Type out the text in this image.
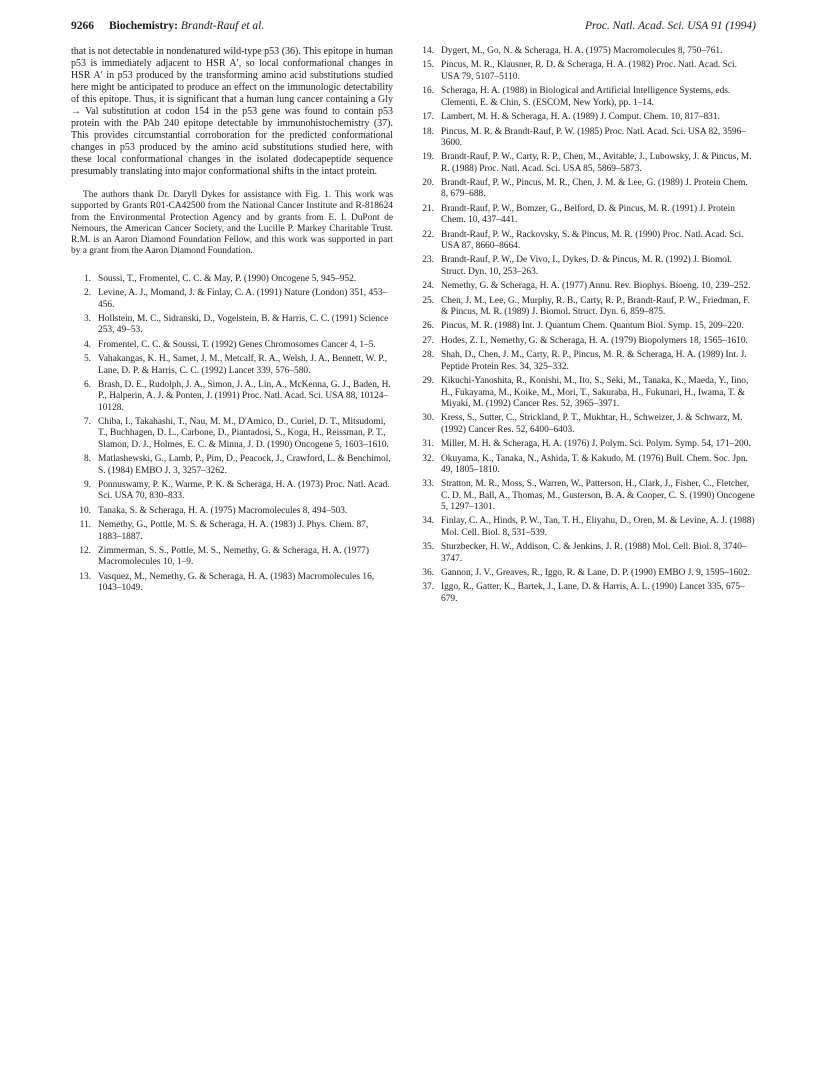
9266 Biochemistry: Brandt-Rauf et al.	Proc. Natl. Acad. Sci. USA 91 (1994)

that is not detectable in nondenatured wild-type p53 (36). This epitope in human p53 is immediately adjacent to HSR A′, so local conformational changes in HSR A′ in p53 produced by the transforming amino acid substitutions studied here might be anticipated to produce an effect on the immunologic detectability of this epitope. Thus, it is significant that a human lung cancer containing a Gly → Val substitution at codon 154 in the p53 gene was found to contain p53 protein with the PAb 240 epitope detectable by immunohistochemistry (37). This provides circumstantial corroboration for the predicted conformational changes in p53 produced by the amino acid substitutions studied here, with these local conformational changes in the isolated dodecapeptide sequence presumably translating into major conformational shifts in the intact protein.

The authors thank Dr. Daryll Dykes for assistance with Fig. 1. This work was supported by Grants R01-CA42500 from the National Cancer Institute and R-818624 from the Environmental Protection Agency and by grants from E. I. DuPont de Nemours, the American Cancer Society, and the Lucille P. Markey Charitable Trust. R.M. is an Aaron Diamond Foundation Fellow, and this work was supported in part by a grant from the Aaron Diamond Foundation.

1. Soussi, T., Fromentel, C. C. & May, P. (1990) Oncogene 5, 945–952.
2. Levine, A. J., Momand, J. & Finlay, C. A. (1991) Nature (London) 351, 453–456.
3. Hollstein, M. C., Sidranski, D., Vogelstein, B. & Harris, C. C. (1991) Science 253, 49–53.
4. Fromentel, C. C. & Soussi, T. (1992) Genes Chromosomes Cancer 4, 1–5.
5. Vahakangas, K. H., Samet, J. M., Metcalf, R. A., Welsh, J. A., Bennett, W. P., Lane, D. P. & Harris, C. C. (1992) Lancet 339, 576–580.
6. Brash, D. E., Rudolph, J. A., Simon, J. A., Lin, A., McKenna, G. J., Baden, H. P., Halperin, A. J. & Ponten, J. (1991) Proc. Natl. Acad. Sci. USA 88, 10124–10128.
7. Chiba, I., Takahashi, T., Nau, M. M., D'Amico, D., Curiel, D. T., Mitsudomi, T., Buchhagen, D. L., Carbone, D., Piantadosi, S., Koga, H., Reissman, P. T., Slamon, D. J., Holmes, E. C. & Minna, J. D. (1990) Oncogene 5, 1603–1610.
8. Matlashewski, G., Lamb, P., Pim, D., Peacock, J., Crawford, L. & Benchimol, S. (1984) EMBO J. 3, 3257–3262.
9. Ponnuswamy, P. K., Warme, P. K. & Scheraga, H. A. (1973) Proc. Natl. Acad. Sci. USA 70, 830–833.
10. Tanaka, S. & Scheraga, H. A. (1975) Macromolecules 8, 494–503.
11. Nemethy, G., Pottle, M. S. & Scheraga, H. A. (1983) J. Phys. Chem. 87, 1883–1887.
12. Zimmerman, S. S., Pottle, M. S., Nemethy, G. & Scheraga, H. A. (1977) Macromolecules 10, 1–9.
13. Vasquez, M., Nemethy, G. & Scheraga, H. A. (1983) Macromolecules 16, 1043–1049.
14. Dygert, M., Go, N. & Scheraga, H. A. (1975) Macromolecules 8, 750–761.
15. Pincus, M. R., Klausner, R. D. & Scheraga, H. A. (1982) Proc. Natl. Acad. Sci. USA 79, 5107–5110.
16. Scheraga, H. A. (1988) in Biological and Artificial Intelligence Systems, eds. Clementi, E. & Chin, S. (ESCOM, New York), pp. 1–14.
17. Lambert, M. H. & Scheraga, H. A. (1989) J. Comput. Chem. 10, 817–831.
18. Pincus, M. R. & Brandt-Rauf, P. W. (1985) Proc. Natl. Acad. Sci. USA 82, 3596–3600.
19. Brandt-Rauf, P. W., Carty, R. P., Chen, M., Avitable, J., Lubowsky, J. & Pincus, M. R. (1988) Proc. Natl. Acad. Sci. USA 85, 5869–5873.
20. Brandt-Rauf, P. W., Pincus, M. R., Chen, J. M. & Lee, G. (1989) J. Protein Chem. 8, 679–688.
21. Brandt-Rauf, P. W., Bomzer, G., Belford, D. & Pincus, M. R. (1991) J. Protein Chem. 10, 437–441.
22. Brandt-Rauf, P. W., Rackovsky, S. & Pincus, M. R. (1990) Proc. Natl. Acad. Sci. USA 87, 8660–8664.
23. Brandt-Rauf, P. W., De Vivo, I., Dykes, D. & Pincus, M. R. (1992) J. Biomol. Struct. Dyn. 10, 253–263.
24. Nemethy, G. & Scheraga, H. A. (1977) Annu. Rev. Biophys. Bioeng. 10, 239–252.
25. Chen, J. M., Lee, G., Murphy, R. B., Carty, R. P., Brandt-Rauf, P. W., Friedman, F. & Pincus, M. R. (1989) J. Biomol. Struct. Dyn. 6, 859–875.
26. Pincus, M. R. (1988) Int. J. Quantum Chem. Quantum Biol. Symp. 15, 209–220.
27. Hodes, Z. I., Nemethy, G. & Scheraga, H. A. (1979) Biopolymers 18, 1565–1610.
28. Shah, D., Chen, J. M., Carty, R. P., Pincus, M. R. & Scheraga, H. A. (1989) Int. J. Peptide Protein Res. 34, 325–332.
29. Kikuchi-Yanoshita, R., Konishi, M., Ito, S., Seki, M., Tanaka, K., Maeda, Y., Iino, H., Fukayama, M., Koike, M., Mori, T., Sakuraba, H., Fukunari, H., Iwama, T. & Miyaki, M. (1992) Cancer Res. 52, 3965–3971.
30. Kress, S., Sutter, C., Strickland, P. T., Mukhtar, H., Schweizer, J. & Schwarz, M. (1992) Cancer Res. 52, 6400–6403.
31. Miller, M. H. & Scheraga, H. A. (1976) J. Polym. Sci. Polym. Symp. 54, 171–200.
32. Okuyama, K., Tanaka, N., Ashida, T. & Kakudo, M. (1976) Bull. Chem. Soc. Jpn. 49, 1805–1810.
33. Stratton, M. R., Moss, S., Warren, W., Patterson, H., Clark, J., Fisher, C., Fletcher, C. D. M., Ball, A., Thomas, M., Gusterson, B. A. & Cooper, C. S. (1990) Oncogene 5, 1297–1301.
34. Finlay, C. A., Hinds, P. W., Tan, T. H., Eliyahu, D., Oren, M. & Levine, A. J. (1988) Mol. Cell. Biol. 8, 531–539.
35. Sturzbecker, H. W., Addison, C. & Jenkins, J. R. (1988) Mol. Cell. Biol. 8, 3740–3747.
36. Gannon, J. V., Greaves, R., Iggo, R. & Lane, D. P. (1990) EMBO J. 9, 1595–1602.
37. Iggo, R., Gatter, K., Bartek, J., Lane, D. & Harris, A. L. (1990) Lancet 335, 675–679.
